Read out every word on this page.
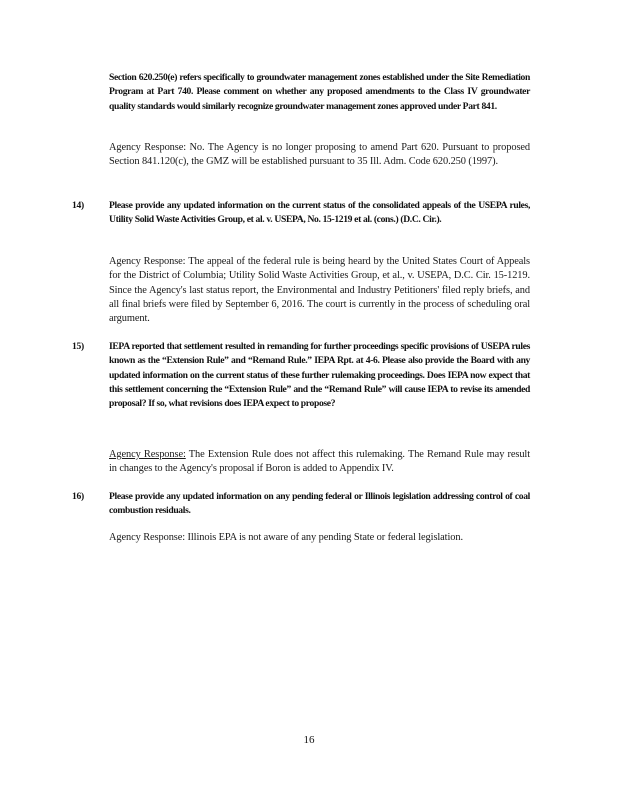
Section 620.250(e) refers specifically to groundwater management zones established under the Site Remediation Program at Part 740. Please comment on whether any proposed amendments to the Class IV groundwater quality standards would similarly recognize groundwater management zones approved under Part 841.

Agency Response: No. The Agency is no longer proposing to amend Part 620. Pursuant to proposed Section 841.120(c), the GMZ will be established pursuant to 35 Ill. Adm. Code 620.250 (1997).

14)	Please provide any updated information on the current status of the consolidated appeals of the USEPA rules, Utility Solid Waste Activities Group, et al. v. USEPA, No. 15-1219 et al. (cons.) (D.C. Cir.).

Agency Response: The appeal of the federal rule is being heard by the United States Court of Appeals for the District of Columbia; Utility Solid Waste Activities Group, et al., v. USEPA, D.C. Cir. 15-1219. Since the Agency's last status report, the Environmental and Industry Petitioners' filed reply briefs, and all final briefs were filed by September 6, 2016. The court is currently in the process of scheduling oral argument.

15)	IEPA reported that settlement resulted in remanding for further proceedings specific provisions of USEPA rules known as the “Extension Rule” and “Remand Rule.” IEPA Rpt. at 4-6. Please also provide the Board with any updated information on the current status of these further rulemaking proceedings. Does IEPA now expect that this settlement concerning the “Extension Rule” and the “Remand Rule” will cause IEPA to revise its amended proposal? If so, what revisions does IEPA expect to propose?

Agency Response: The Extension Rule does not affect this rulemaking. The Remand Rule may result in changes to the Agency's proposal if Boron is added to Appendix IV.

16)	Please provide any updated information on any pending federal or Illinois legislation addressing control of coal combustion residuals.

Agency Response: Illinois EPA is not aware of any pending State or federal legislation.

16
